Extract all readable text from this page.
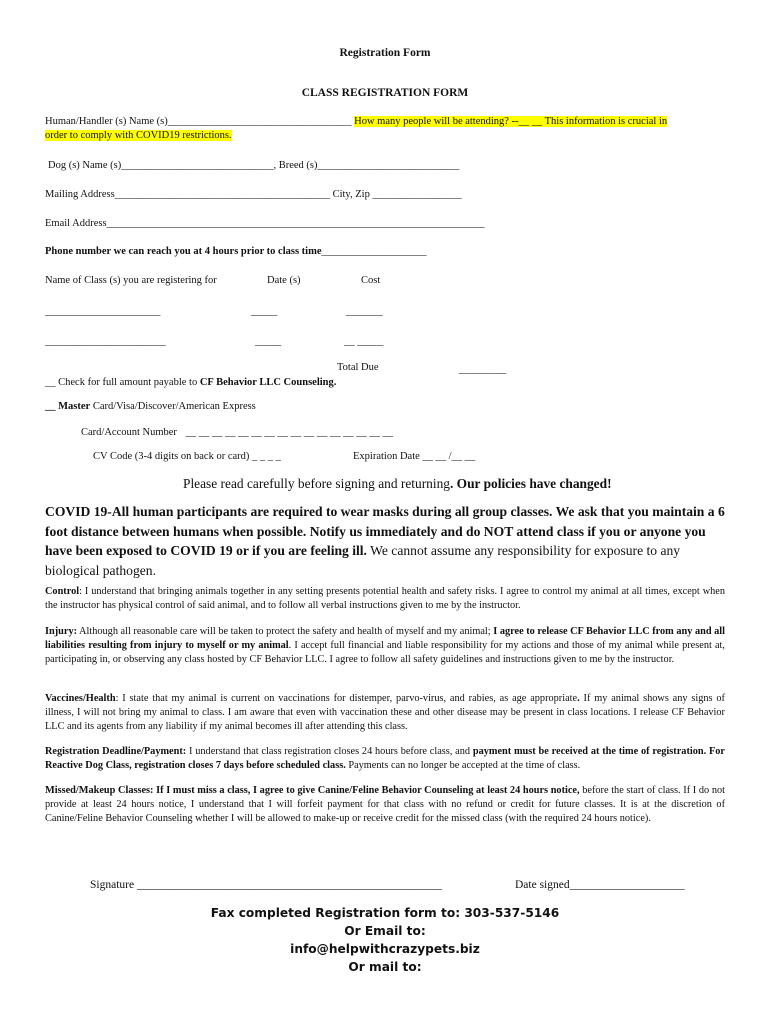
Registration Form
CLASS REGISTRATION FORM
Human/Handler (s) Name (s)___________________________________ How many people will be attending? --__ __ This information is crucial in
order to comply with COVID19 restrictions.
Dog (s) Name (s)_____________________________, Breed (s)___________________________
Mailing Address_________________________________________ City, Zip _________________
Email Address________________________________________________________________________
Phone number we can reach you at 4 hours prior to class time____________________
Name of Class (s) you are registering for	Date (s)	Cost
______________________	_____	_______
_______________________	_____	__ _____
Total Due	_________
__ Check for full amount payable to CF Behavior LLC Counseling.
__ Master Card/Visa/Discover/American Express
Card/Account Number __ __ __ __ __ __ __ __ __ __ __ __ __ __ __ __
CV Code (3-4 digits on back or card) _ _ _ _	Expiration Date __ __ /__ __
Please read carefully before signing and returning. Our policies have changed!
COVID 19-All human participants are required to wear masks during all group classes. We ask that you maintain a 6 foot distance between humans when possible. Notify us immediately and do NOT attend class if you or anyone you have been exposed to COVID 19 or if you are feeling ill. We cannot assume any responsibility for exposure to any biological pathogen.
Control: I understand that bringing animals together in any setting presents potential health and safety risks. I agree to control my animal at all times, except when the instructor has physical control of said animal, and to follow all verbal instructions given to me by the instructor.
Injury: Although all reasonable care will be taken to protect the safety and health of myself and my animal; I agree to release CF Behavior LLC from any and all liabilities resulting from injury to myself or my animal. I accept full financial and liable responsibility for my actions and those of my animal while present at, participating in, or observing any class hosted by CF Behavior LLC. I agree to follow all safety guidelines and instructions given to me by the instructor.
Vaccines/Health: I state that my animal is current on vaccinations for distemper, parvo-virus, and rabies, as age appropriate. If my animal shows any signs of illness, I will not bring my animal to class. I am aware that even with vaccination these and other disease may be present in class locations. I release CF Behavior LLC and its agents from any liability if my animal becomes ill after attending this class.
Registration Deadline/Payment: I understand that class registration closes 24 hours before class, and payment must be received at the time of registration. For Reactive Dog Class, registration closes 7 days before scheduled class. Payments can no longer be accepted at the time of class.
Missed/Makeup Classes: If I must miss a class, I agree to give Canine/Feline Behavior Counseling at least 24 hours notice, before the start of class. If I do not provide at least 24 hours notice, I understand that I will forfeit payment for that class with no refund or credit for future classes. It is at the discretion of Canine/Feline Behavior Counseling whether I will be allowed to make-up or receive credit for the missed class (with the required 24 hours notice).
Signature _____________________________________________________	Date signed____________________
Fax completed Registration form to: 303-537-5146
Or Email to:
info@helpwithcrazypets.biz
Or mail to:
